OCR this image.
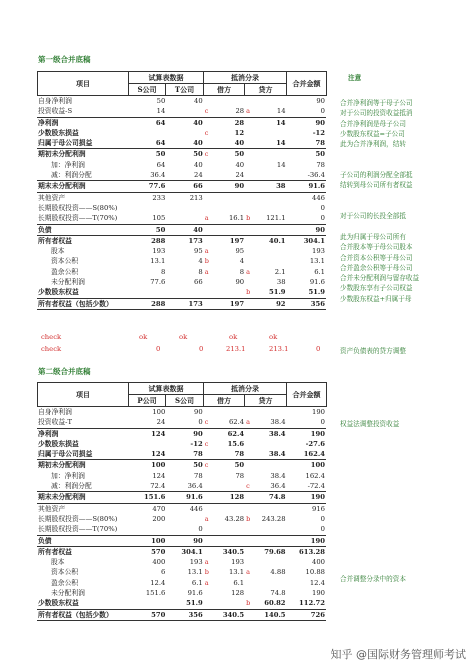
第一级合并底稿
项目
试算表数据
S公司	T公司
抵消分录
借方	贷方
合并金额
注意
自身净利润	50	40					90
投资收益-S	14		c	28	a	14	0
净利润	64	40		28		14	90
少数股东损益			c	12			-12
归属于母公司损益	64	40		40		14	78
期初未分配利润	50	50	c	50			50
加：净利润	64	40		40		14	78
减：利润分配	36.4	24		24			-36.4
期末未分配利润	77.6	66		90		38	91.6
其他资产	233	213					446
长期股权投资——S(80%)							0
长期股权投资——T(70%)	105		a	16.1	b	121.1	0
负债	50	40					90
所有者权益	288	173		197		40.1	304.1
股本	193	95	a	95			193
资本公积	13.1	4	b	4			13.1
盈余公积	8	8	a	8	a	2.1	6.1
未分配利润	77.6	66		90		38	91.6
少数股东权益					b	51.9	51.9
所有者权益（包括少数）	288	173		197		92	356
合并净利润等于母子公司
对于公司的投资收益抵消
合并净利润是母子公司
少数股东权益=子公司
此为合并净利润，结转
子公司的利润分配全部抵
结转到母公司所有者权益
对于公司的长投全部抵
此为归属于母公司所有
合并股本等于母公司股本
合并资本公积等于母公司
合并盈余公积等于母公司
合并未分配利润与留存收益
少数股东享有子公司权益
少数股东权益+归属于母
check	ok	ok	ok	ok
check	0	0	213.1	213.1	0	资产负债表的贷方调整
第二级合并底稿
项目
试算表数据
P公司	S公司
抵消分录
借方	贷方
合并金额
自身净利润	100	90					190
投资收益-T	24	0	c	62.4	a	38.4	0
净利润	124	90		62.4		38.4	190
少数股东损益		-12	c	15.6			-27.6
归属于母公司损益	124	78		78		38.4	162.4
期初未分配利润	100	50	c	50			100
加：净利润	124	78		78		38.4	162.4
减：利润分配	72.4	36.4			c	36.4	-72.4
期末未分配利润	151.6	91.6		128		74.8	190
其他资产	470	446					916
长期股权投资——S(80%)	200		a	43.28	b	243.28	0
长期股权投资——T(70%)		0					0
负债	100	90					190
所有者权益	570	304.1		340.5		79.68	613.28
股本	400	193	a	193			400
资本公积	6	13.1	b	13.1	a	4.88	10.88
盈余公积	12.4	6.1	a	6.1			12.4
未分配利润	151.6	91.6		128		74.8	190
少数股东权益		51.9			b	60.82	112.72
所有者权益（包括少数）	570	356		340.5		140.5	726
权益法调整投资收益
合并调整分录中的资本
知乎 @国际财务管理师考试
